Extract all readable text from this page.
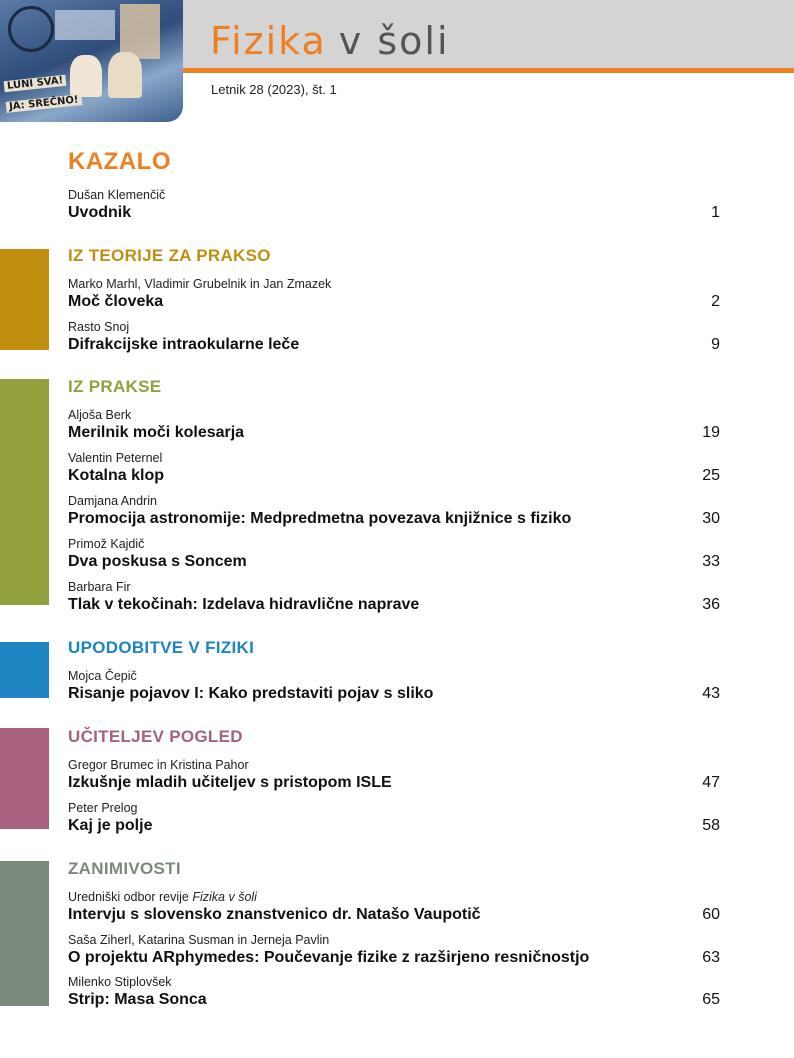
LUNI SVA!
JA: SREČNO!
Fizika v šoli
Letnik 28 (2023), št. 1
KAZALO
Dušan Klemenčič
Uvodnik	1
IZ TEORIJE ZA PRAKSO
Marko Marhl, Vladimir Grubelnik in Jan Zmazek
Moč človeka	2
Rasto Snoj
Difrakcijske intraokularne leče	9
IZ PRAKSE
Aljoša Berk
Merilnik moči kolesarja	19
Valentin Peternel
Kotalna klop	25
Damjana Andrin
Promocija astronomije: Medpredmetna povezava knjižnice s fiziko	30
Primož Kajdič
Dva poskusa s Soncem	33
Barbara Fir
Tlak v tekočinah: Izdelava hidravlične naprave	36
UPODOBITVE V FIZIKI
Mojca Čepič
Risanje pojavov I: Kako predstaviti pojav s sliko	43
UČITELJEV POGLED
Gregor Brumec in Kristina Pahor
Izkušnje mladih učiteljev s pristopom ISLE	47
Peter Prelog
Kaj je polje	58
ZANIMIVOSTI
Uredniški odbor revije Fizika v šoli
Intervju s slovensko znanstvenico dr. Natašo Vaupotič	60
Saša Ziherl, Katarina Susman in Jerneja Pavlin
O projektu ARphymedes: Poučevanje fizike z razširjeno resničnostjo	63
Milenko Stiplovšek
Strip: Masa Sonca	65
